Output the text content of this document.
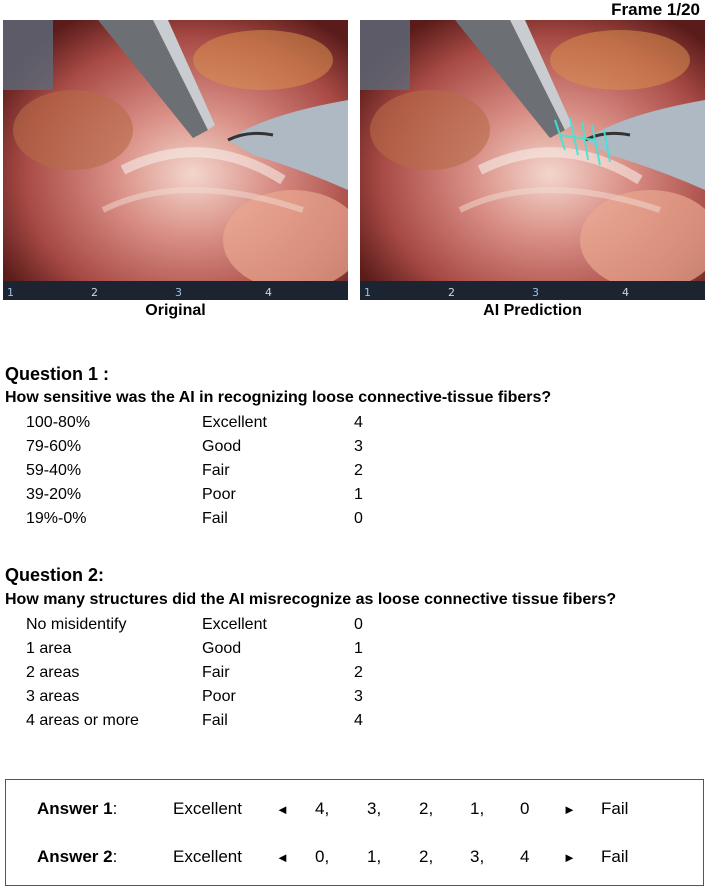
Frame 1/20
1	2	3	4	1	2	3	4
Original	AI Prediction
Question 1 :
How sensitive was the AI in recognizing loose connective-tissue fibers?
100-80%	Excellent	4
79-60%	Good	3
59-40%	Fair	2
39-20%	Poor	1
19%-0%	Fail	0
Question 2:
How many structures did the AI misrecognize as loose connective tissue fibers?
No misidentify	Excellent	0
1 area	Good	1
2 areas	Fair	2
3 areas	Poor	3
4 areas or more	Fail	4
Answer 1:	Excellent	◄ 4, 3, 2, 1, 0	► Fail
Answer 2:	Excellent	◄ 0, 1, 2, 3, 4	► Fail
